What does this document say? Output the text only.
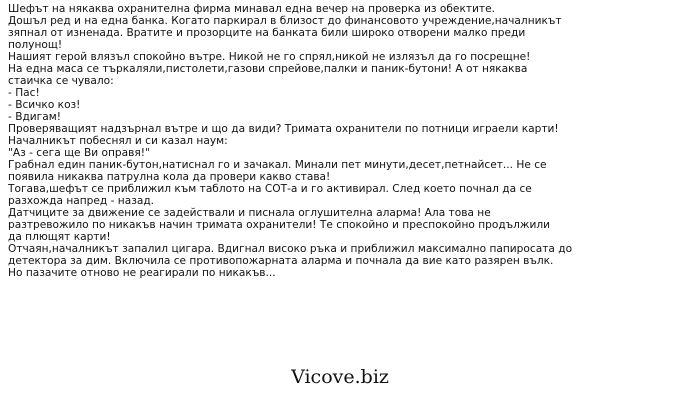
Шефът на някаква охранителна фирма минавал една вечер на проверка из обектите.
Дошъл ред и на една банка. Когато паркирал в близост до финансовото учреждение,началникът
зяпнал от изненада. Вратите и прозорците на банката били широко отворени малко преди
полунощ!
Нашият герой влязъл спокойно вътре. Никой не го спрял,никой не излязъл да го посрещне!
На една маса се търкаляли,пистолети,газови спрейове,палки и паник-бутони! А от някаква
стаичка се чувало:
- Пас!
- Всичко коз!
- Вдигам!
Проверяващият надзърнал вътре и що да види? Тримата охранители по потници играели карти!
Началникът побеснял и си казал наум:
"Аз - сега ще Ви оправя!"
Грабнал един паник-бутон,натиснал го и зачакал. Минали пет минути,десет,петнайсет... Не се
появила никаква патрулна кола да провери какво става!
Тогава,шефът се приближил към таблото на СОТ-а и го активирал. След което почнал да се
разхожда напред - назад.
Датчиците за движение се задействали и писнала оглушителна аларма! Ала това не
разтревожило по никакъв начин тримата охранители! Те спокойно и преспокойно продължили
да плющят карти!
Отчаян,началникът запалил цигара. Вдигнал високо ръка и приближил максимално папиросата до
детектора за дим. Включила се противопожарната аларма и почнала да вие като разярен вълк.
Но пазачите отново не реагирали по никакъв...
Vicove.biz
